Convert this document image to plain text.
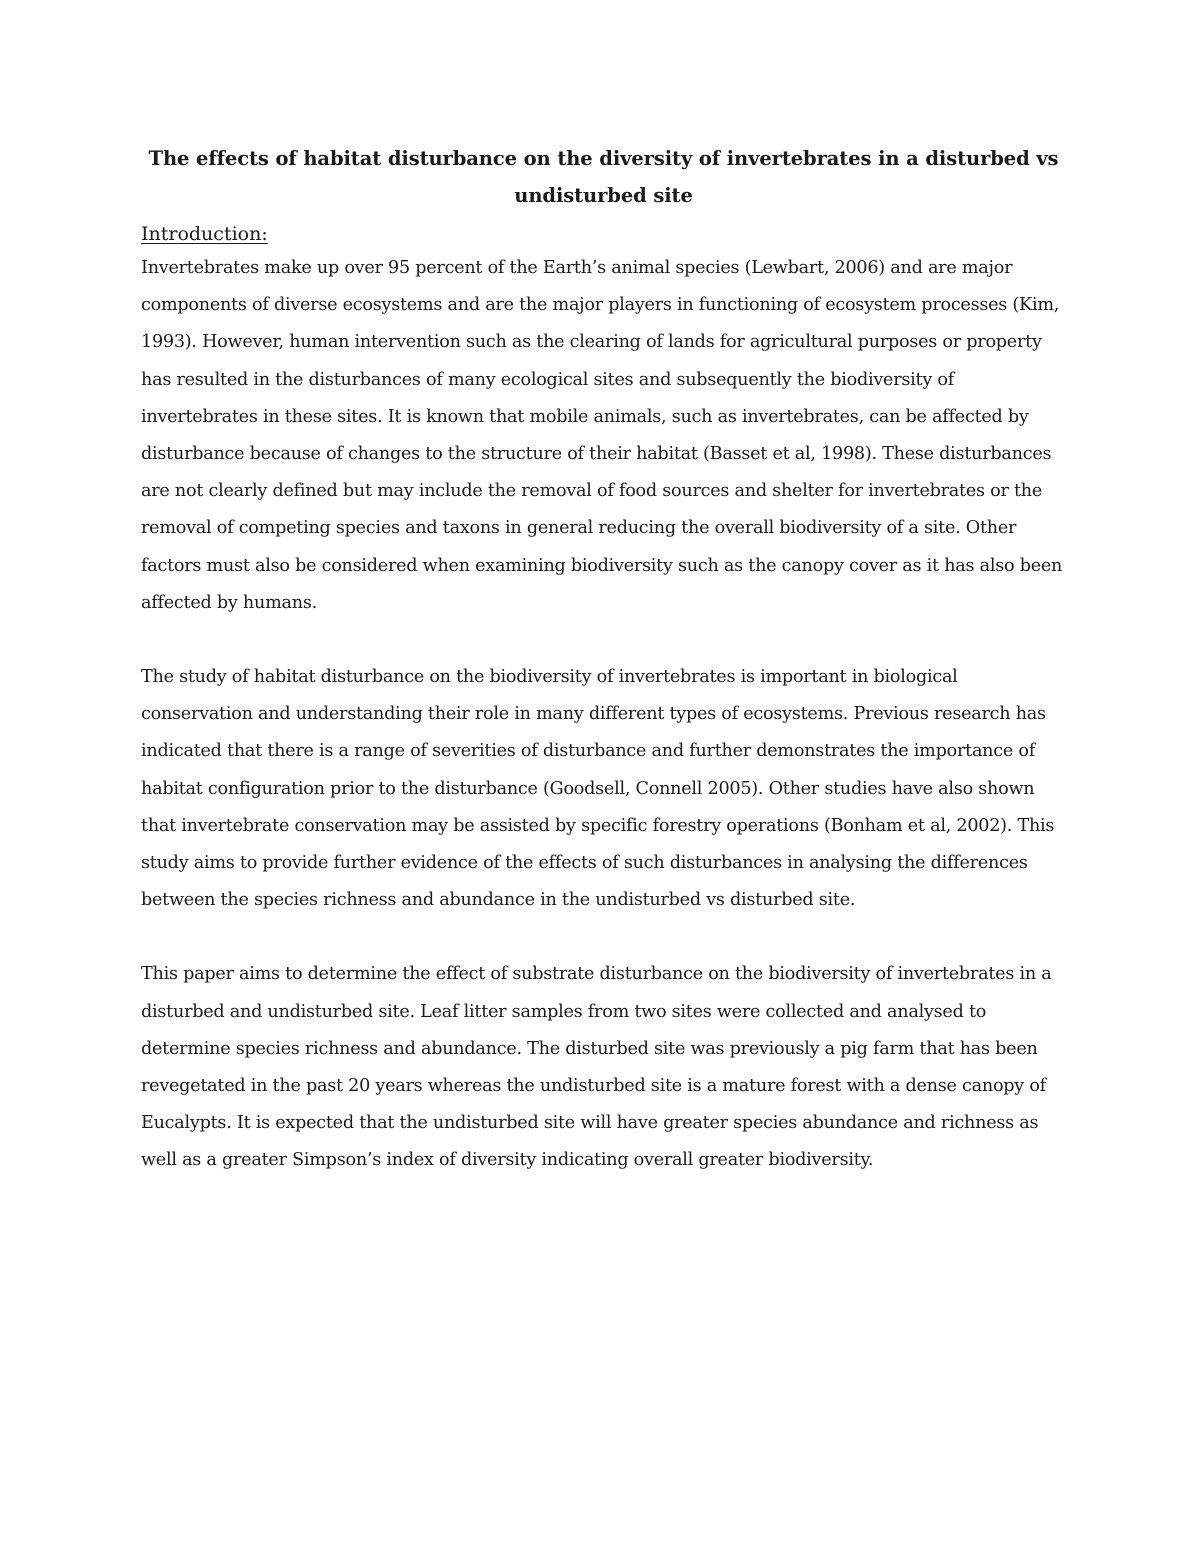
The effects of habitat disturbance on the diversity of invertebrates in a disturbed vs undisturbed site
Introduction:

Invertebrates make up over 95 percent of the Earth’s animal species (Lewbart, 2006) and are major components of diverse ecosystems and are the major players in functioning of ecosystem processes (Kim, 1993). However, human intervention such as the clearing of lands for agricultural purposes or property has resulted in the disturbances of many ecological sites and subsequently the biodiversity of invertebrates in these sites. It is known that mobile animals, such as invertebrates, can be affected by disturbance because of changes to the structure of their habitat (Basset et al, 1998). These disturbances are not clearly defined but may include the removal of food sources and shelter for invertebrates or the removal of competing species and taxons in general reducing the overall biodiversity of a site. Other factors must also be considered when examining biodiversity such as the canopy cover as it has also been affected by humans.

The study of habitat disturbance on the biodiversity of invertebrates is important in biological conservation and understanding their role in many different types of ecosystems. Previous research has indicated that there is a range of severities of disturbance and further demonstrates the importance of habitat configuration prior to the disturbance (Goodsell, Connell 2005). Other studies have also shown that invertebrate conservation may be assisted by specific forestry operations (Bonham et al, 2002). This study aims to provide further evidence of the effects of such disturbances in analysing the differences between the species richness and abundance in the undisturbed vs disturbed site.

This paper aims to determine the effect of substrate disturbance on the biodiversity of invertebrates in a disturbed and undisturbed site. Leaf litter samples from two sites were collected and analysed to determine species richness and abundance. The disturbed site was previously a pig farm that has been revegetated in the past 20 years whereas the undisturbed site is a mature forest with a dense canopy of Eucalypts. It is expected that the undisturbed site will have greater species abundance and richness as well as a greater Simpson’s index of diversity indicating overall greater biodiversity.
